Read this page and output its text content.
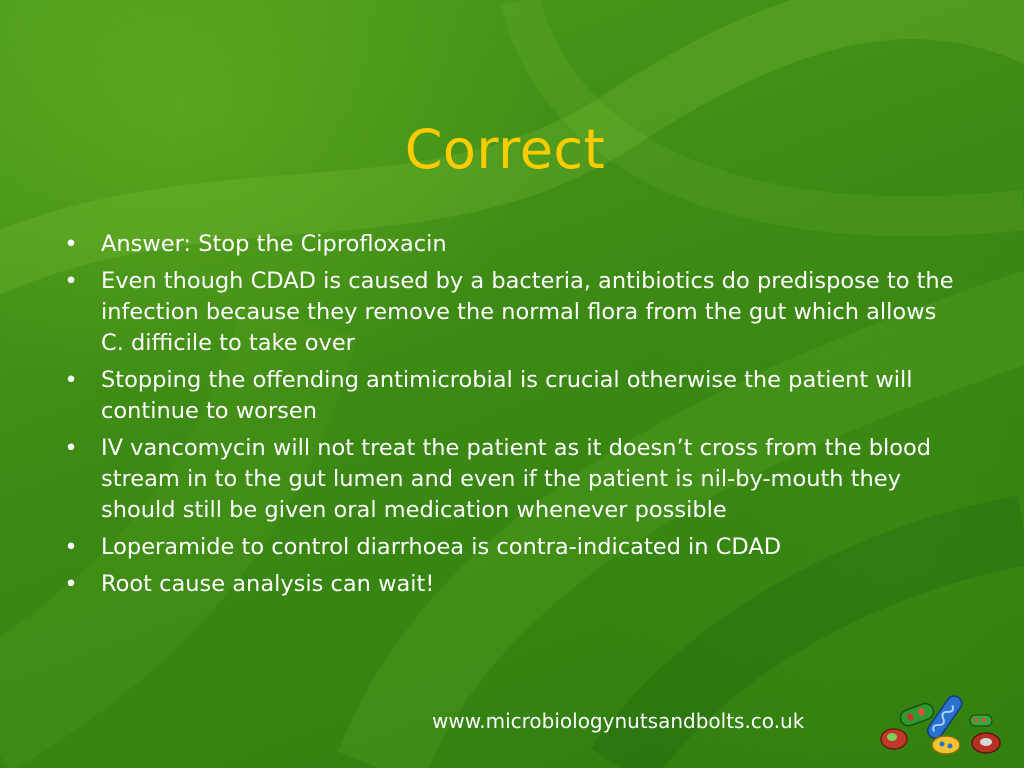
Correct
• Answer: Stop the Ciprofloxacin
• Even though CDAD is caused by a bacteria, antibiotics do predispose to the infection because they remove the normal flora from the gut which allows C. difficile to take over
• Stopping the offending antimicrobial is crucial otherwise the patient will continue to worsen
• IV vancomycin will not treat the patient as it doesn’t cross from the blood stream in to the gut lumen and even if the patient is nil-by-mouth they should still be given oral medication whenever possible
• Loperamide to control diarrhoea is contra-indicated in CDAD
• Root cause analysis can wait!

www.microbiologynutsandbolts.co.uk
